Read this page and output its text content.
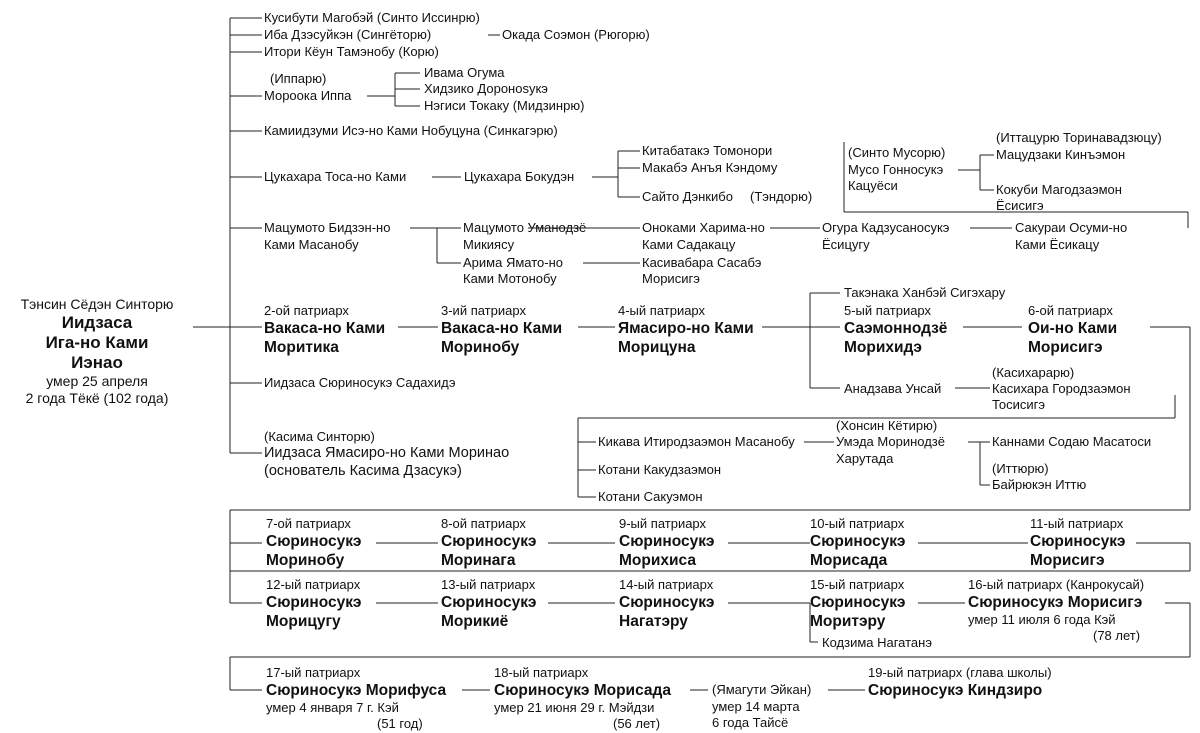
Тэнсин Сёдэн Синторю
Иидзаса
Ига-но Ками
Иэнао
умер 25 апреля
2 года Тёкё (102 года)
Кусибути Магобэй (Синто Иссинрю)
Иба Дзэсуйкэн (Сингёторю)	Окада Соэмон (Рюгорю)
Итори Кёун Тамэнобу (Корю)
(Иппарю)
Мороока Иппа
Ивама Огума
Хидзико Доронosукэ
Нэгиси Токаку (Мидзинрю)
Камиидзуми Исэ-но Ками Нобуцуна (Синкагэрю)
Цукахара Тоса-но Ками	Цукахара Бокудэн
Китабатакэ Томонори
Макабэ Анъя Кэндому
Сайто Дэнкибо (Тэндорю)
Мацумото Бидзэн-но
Ками Масанобу
Мацумото Уманодзё
Микиясу
Арима Ямато-но
Ками Мотонобу
Оноками Харима-но
Ками Садакацу
Касивабара Сасабэ
Морисигэ
Огура Кадзусаносукэ
Ёсицугу
Сакураи Осуми-но
Ками Ёсикацу
(Синто Мусорю)
Мусо Гонносукэ
Кацуёси
(Иттацурю Торинавадзюцу)
Мацудзаки Кинъэмон
Кокуби Магодзаэмон
Ёсисигэ
2-ой патриарх
Вакаса-но Ками
Моритика
3-ий патриарх
Вакаса-но Ками
Моринобу
4-ый патриарх
Ямасиро-но Ками
Морицуна
Такэнака Ханбэй Сигэхару
5-ый патриарх
Саэмоннодзё
Морихидэ
6-ой патриарх
Ои-но Ками
Морисигэ
Анадзава Унсай
(Касихарарю)
Касихара Городзаэмон
Тосисигэ
Иидзаса Сюриносукэ Садахидэ
(Касима Синторю)
Иидзаса Ямасиро-но Ками Моринао
(основатель Касима Дзасукэ)
Кикава Итиродзаэмон Масанобу
Котани Какудзаэмон
Котани Сакуэмон
(Хонсин Кётирю)
Умэда Моринодзё
Харутада
Каннами Содаю Масатоси
(Иттюрю)
Байрюкэн Иттю
7-ой патриарх
Сюриносукэ
Моринобу
8-ой патриарх
Сюриносукэ
Моринага
9-ый патриарх
Сюриносукэ
Морихиса
10-ый патриарх
Сюриносукэ
Морисада
11-ый патриарх
Сюриносукэ
Морисигэ
12-ый патриарх
Сюриносукэ
Морицугу
13-ый патриарх
Сюриносукэ
Морикиё
14-ый патриарх
Сюриносукэ
Нагатэру
15-ый патриарх
Сюриносукэ
Моритэру
Кодзима Нагатанэ
16-ый патриарх (Канрокусай)
Сюриносукэ Морисигэ
умер 11 июля 6 года Кэй
(78 лет)
17-ый патриарх
Сюриносукэ Морифуса
умер 4 января 7 г. Кэй
(51 год)
18-ый патриарх
Сюриносукэ Морисада
умер 21 июня 29 г. Мэйдзи
(56 лет)
(Ямагути Эйкан)
умер 14 марта
6 года Тайсё
19-ый патриарх (глава школы)
Сюриносукэ Киндзиро
